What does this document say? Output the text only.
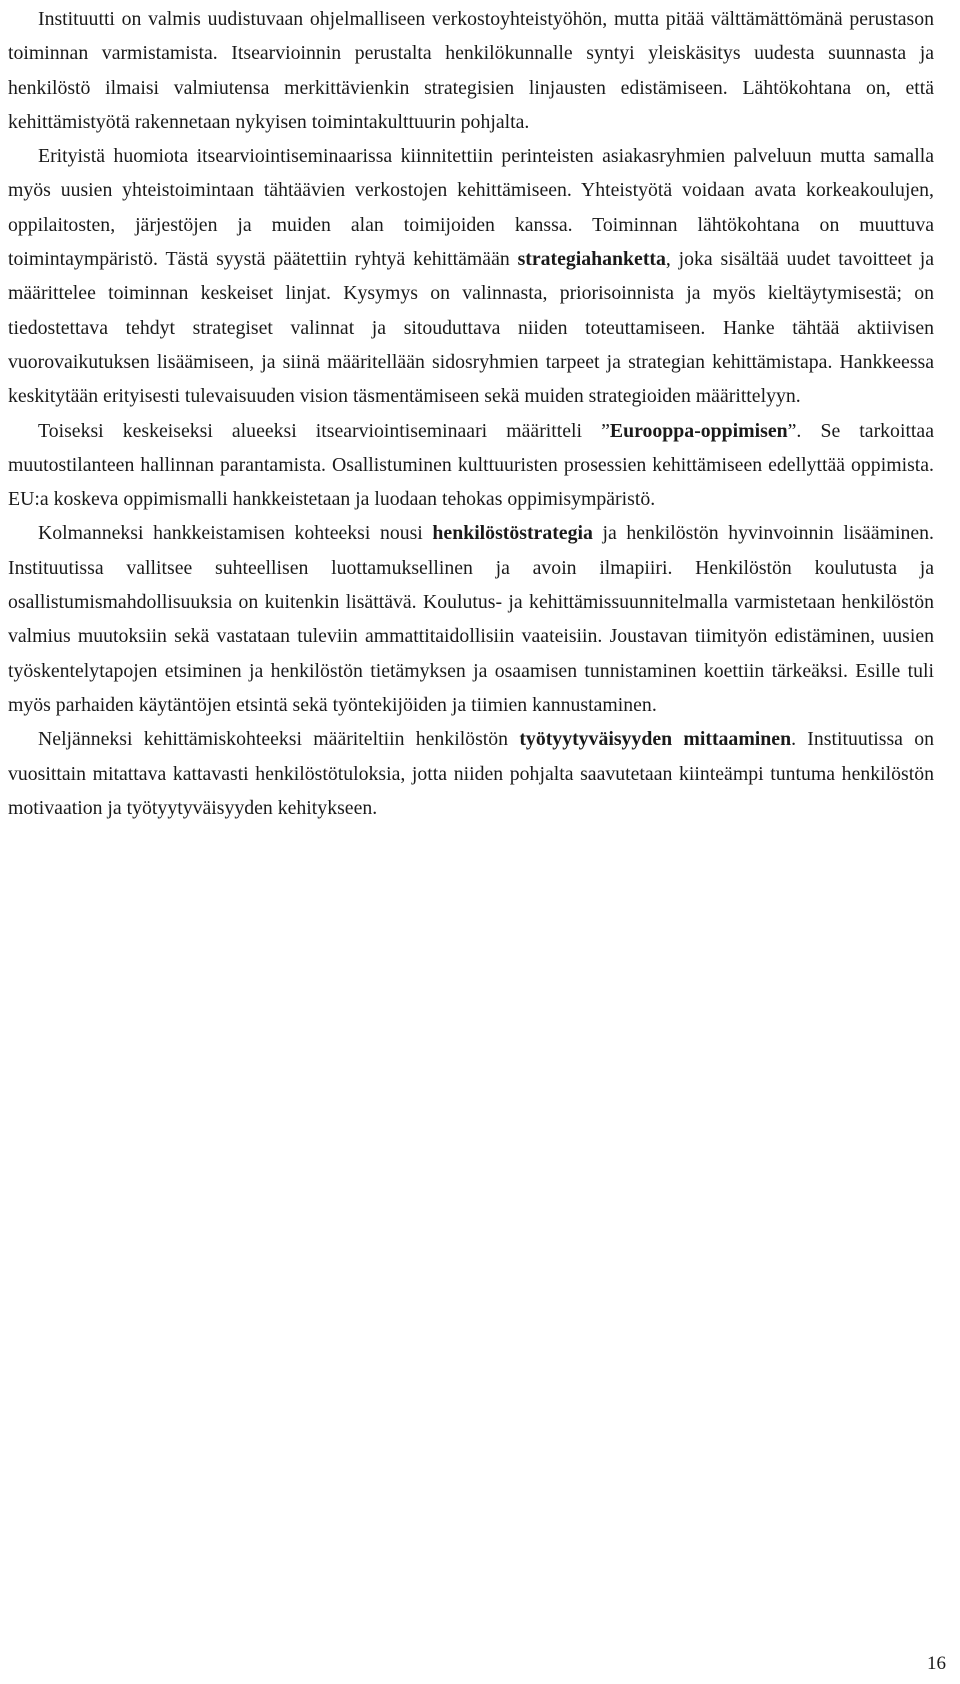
Instituutti on valmis uudistuvaan ohjelmalliseen verkostoyhteistyöhön, mutta pitää välttämättömänä perustason toiminnan varmistamista. Itsearvioinnin perustalta henkilökunnalle syntyi yleiskäsitys uudesta suunnasta ja henkilöstö ilmaisi valmiutensa merkittävienkin strategisien linjausten edistämiseen. Lähtökohtana on, että kehittämistyötä rakennetaan nykyisen toimintakulttuurin pohjalta.

Erityistä huomiota itsearviointiseminaarissa kiinnitettiin perinteisten asiakasryhmien palveluun mutta samalla myös uusien yhteistoimintaan tähtäävien verkostojen kehittämiseen. Yhteistyötä voidaan avata korkeakoulujen, oppilaitosten, järjestöjen ja muiden alan toimijoiden kanssa. Toiminnan lähtökohtana on muuttuva toimintaympäristö. Tästä syystä päätettiin ryhtyä kehittämään strategiahanketta, joka sisältää uudet tavoitteet ja määrittelee toiminnan keskeiset linjat. Kysymys on valinnasta, priorisoinnista ja myös kieltäytymisestä; on tiedostettava tehdyt strategiset valinnat ja sitouduttava niiden toteuttamiseen. Hanke tähtää aktiivisen vuorovaikutuksen lisäämiseen, ja siinä määritellään sidosryhmien tarpeet ja strategian kehittämistapa. Hankkeessa keskitytään erityisesti tulevaisuuden vision täsmentämiseen sekä muiden strategioiden määrittelyyn.

Toiseksi keskeiseksi alueeksi itsearviointiseminaari määritteli ”Eurooppa-oppimisen”. Se tarkoittaa muutostilanteen hallinnan parantamista. Osallistuminen kulttuuristen prosessien kehittämiseen edellyttää oppimista. EU:a koskeva oppimismalli hankkeistetaan ja luodaan tehokas oppimisympäristö.

Kolmanneksi hankkeistamisen kohteeksi nousi henkilöstöstrategia ja henkilöstön hyvinvoinnin lisääminen. Instituutissa vallitsee suhteellisen luottamuksellinen ja avoin ilmapiiri. Henkilöstön koulutusta ja osallistumismahdollisuuksia on kuitenkin lisättävä. Koulutus- ja kehittämissuunnitelmalla varmistetaan henkilöstön valmius muutoksiin sekä vastataan tuleviin ammattitaidollisiin vaateisiin. Joustavan tiimityön edistäminen, uusien työskentelytapojen etsiminen ja henkilöstön tietämyksen ja osaamisen tunnistaminen koettiin tärkeäksi. Esille tuli myös parhaiden käytäntöjen etsintä sekä työntekijöiden ja tiimien kannustaminen.

Neljänneksi kehittämiskohteeksi määriteltiin henkilöstön työtyytyväisyyden mittaaminen. Instituutissa on vuosittain mitattava kattavasti henkilöstötuloksia, jotta niiden pohjalta saavutetaan kiinteämpi tuntuma henkilöstön motivaation ja työtyytyväisyyden kehitykseen.

16
